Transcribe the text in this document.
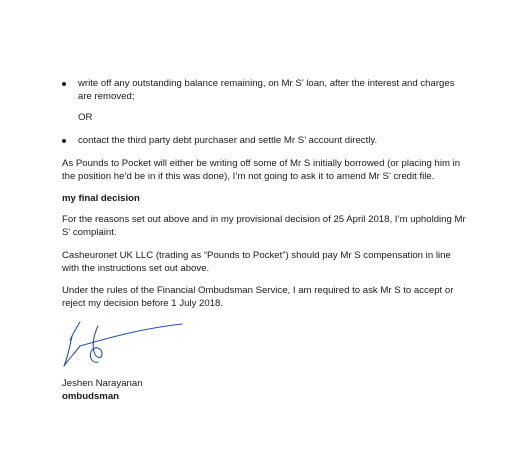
write off any outstanding balance remaining, on Mr S’ loan, after the interest and charges are removed;
OR
contact the third party debt purchaser and settle Mr S’ account directly.
As Pounds to Pocket will either be writing off some of Mr S initially borrowed (or placing him in the position he’d be in if this was done), I’m not going to ask it to amend Mr S’ credit file.
my final decision
For the reasons set out above and in my provisional decision of 25 April 2018, I’m upholding Mr S’ complaint.
Casheuronet UK LLC (trading as “Pounds to Pocket”) should pay Mr S compensation in line with the instructions set out above.
Under the rules of the Financial Ombudsman Service, I am required to ask Mr S to accept or reject my decision before 1 July 2018.
Jeshen Narayanan
ombudsman
